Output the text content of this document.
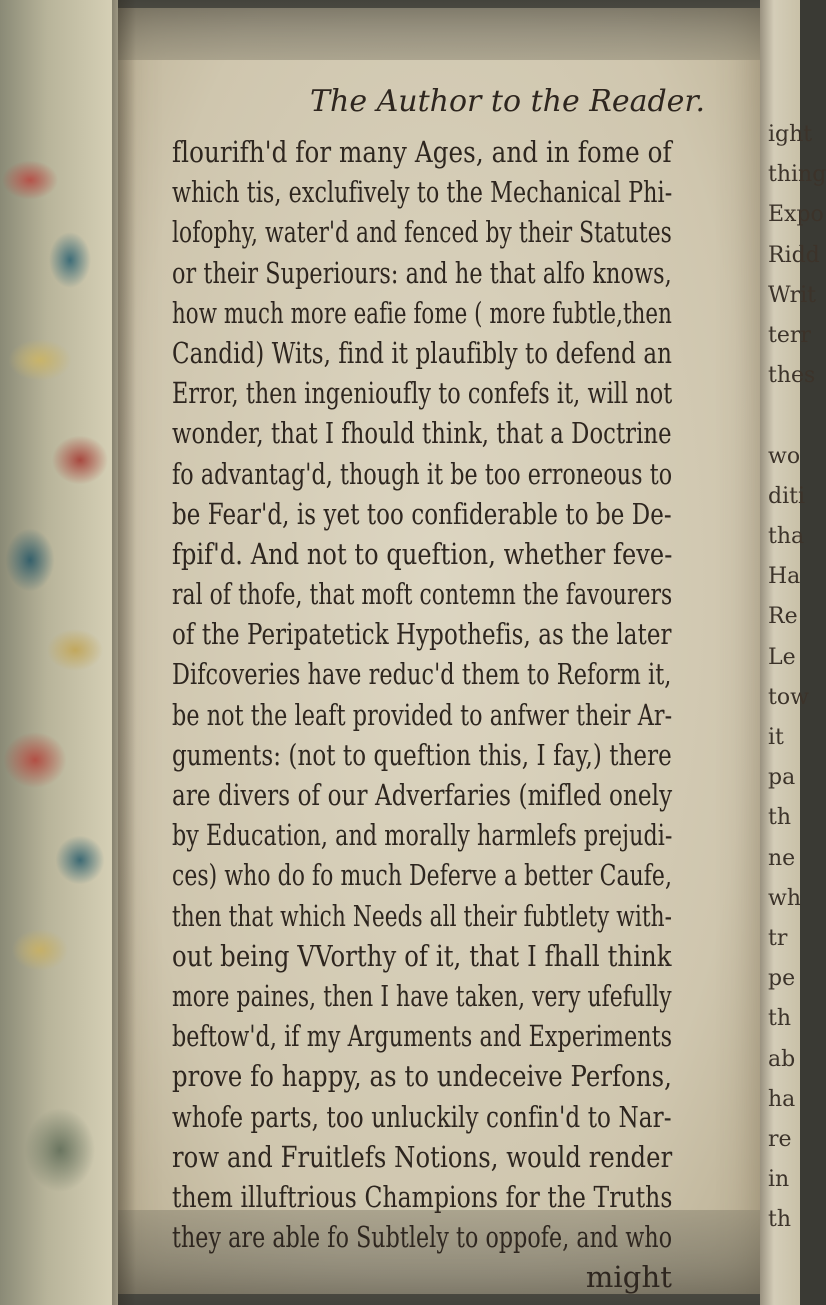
ight
thing
Expo
Ridd
Writ
terr
thes
wo
diti
tha
Ha
Re
Le
tow
it
pa
th
ne
wh
tr
pe
th
ab
ha
re
in
th
The Author to the Reader.
flourifh'd for many Ages, and in fome of
which tis, exclufively to the Mechanical Phi-
lofophy, water'd and fenced by their Statutes
or their Superiours: and he that alfo knows,
how much more eafie fome ( more fubtle,then
Candid) Wits, find it plaufibly to defend an
Error, then ingenioufly to confefs it, will not
wonder, that I fhould think, that a Doctrine
fo advantag'd, though it be too erroneous to
be Fear'd, is yet too confiderable to be De-
fpif'd. And not to queftion, whether feve-
ral of thofe, that moft contemn the favourers
of the Peripatetick Hypothefis, as the later
Difcoveries have reduc'd them to Reform it,
be not the leaft provided to anfwer their Ar-
guments: (not to queftion this, I fay,) there
are divers of our Adverfaries (mifled onely
by Education, and morally harmlefs prejudi-
ces) who do fo much Deferve a better Caufe,
then that which Needs all their fubtlety with-
out being VVorthy of it, that I fhall think
more paines, then I have taken, very ufefully
beftow'd, if my Arguments and Experiments
prove fo happy, as to undeceive Perfons,
whofe parts, too unluckily confin'd to Nar-
row and Fruitlefs Notions, would render
them illuftrious Champions for the Truths
they are able fo Subtlely to oppofe, and who
might
